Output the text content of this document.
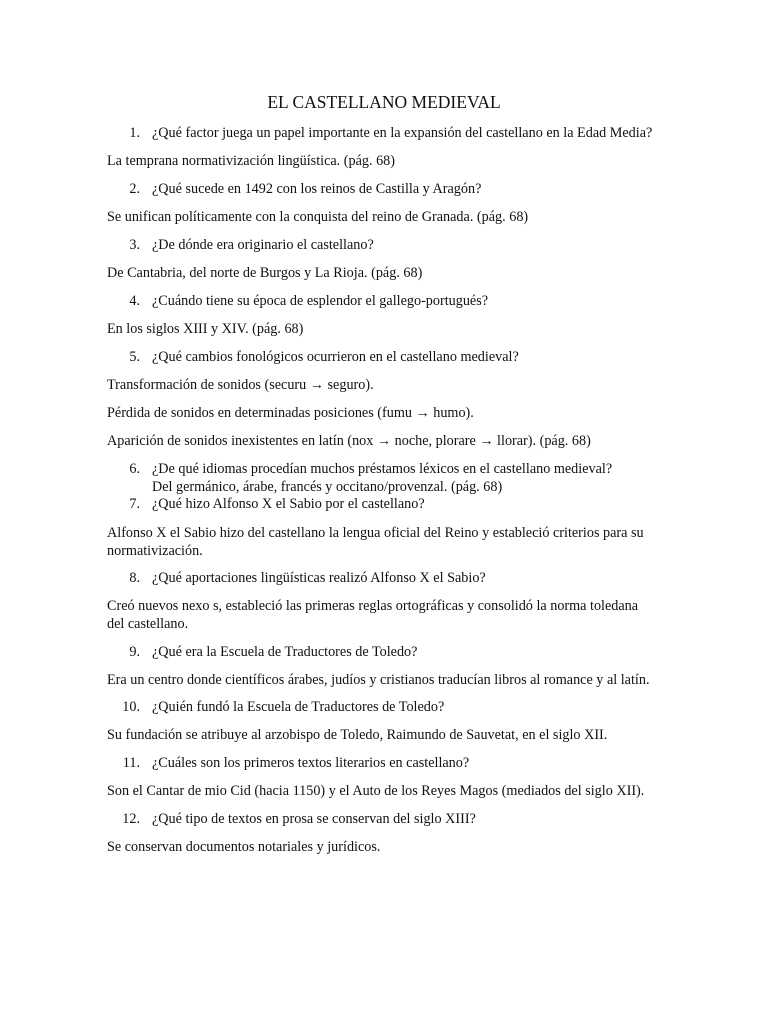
EL CASTELLANO MEDIEVAL
1. ¿Qué factor juega un papel importante en la expansión del castellano en la Edad Media?
La temprana normativización lingüística. (pág. 68)
2. ¿Qué sucede en 1492 con los reinos de Castilla y Aragón?
Se unifican políticamente con la conquista del reino de Granada. (pág. 68)
3. ¿De dónde era originario el castellano?
De Cantabria, del norte de Burgos y La Rioja. (pág. 68)
4. ¿Cuándo tiene su época de esplendor el gallego-portugués?
En los siglos XIII y XIV. (pág. 68)
5. ¿Qué cambios fonológicos ocurrieron en el castellano medieval?
Transformación de sonidos (securu → seguro).
Pérdida de sonidos en determinadas posiciones (fumu → humo).
Aparición de sonidos inexistentes en latín (nox → noche, plorare → llorar). (pág. 68)
6. ¿De qué idiomas procedían muchos préstamos léxicos en el castellano medieval? Del germánico, árabe, francés y occitano/provenzal. (pág. 68)
7. ¿Qué hizo Alfonso X el Sabio por el castellano?
Alfonso X el Sabio hizo del castellano la lengua oficial del Reino y estableció criterios para su normativización.
8. ¿Qué aportaciones lingüísticas realizó Alfonso X el Sabio?
Creó nuevos nexo s, estableció las primeras reglas ortográficas y consolidó la norma toledana del castellano.
9. ¿Qué era la Escuela de Traductores de Toledo?
Era un centro donde científicos árabes, judíos y cristianos traducían libros al romance y al latín.
10. ¿Quién fundó la Escuela de Traductores de Toledo?
Su fundación se atribuye al arzobispo de Toledo, Raimundo de Sauvetat, en el siglo XII.
11. ¿Cuáles son los primeros textos literarios en castellano?
Son el Cantar de mio Cid (hacia 1150) y el Auto de los Reyes Magos (mediados del siglo XII).
12. ¿Qué tipo de textos en prosa se conservan del siglo XIII?
Se conservan documentos notariales y jurídicos.
